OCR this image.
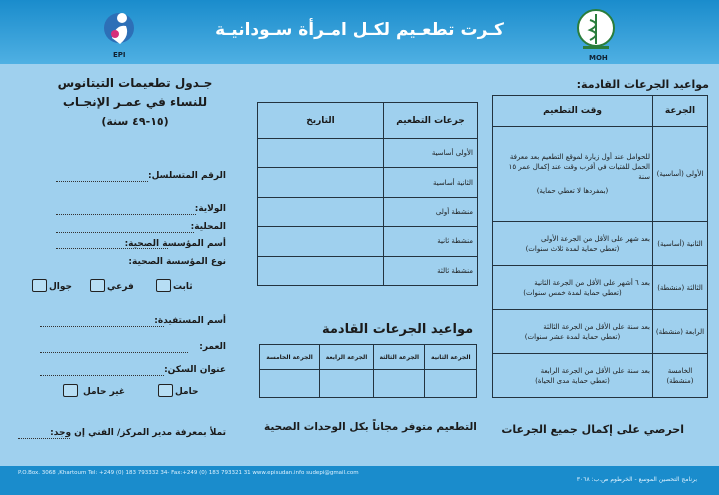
كـرت تطعـيم لكـل امـرأة سـودانيـة
EPI	MOH
مواعيد الجرعات القادمة:
الجرعة	وقت التطعيم
الأولى (أساسية)	للحوامل عند أول زيارة لموقع التطعيم بعد معرفة الحمل للفتيات في أقرب وقت عند إكمال عمر ١٥ سنة
(بمفردها لا تعطي حماية)

الثانية (أساسية)	بعد شهر على الأقل من الجرعة الأولى
(تعطي حماية لمدة ثلاث سنوات)

الثالثة (منشطة)	بعد ٦ أشهر على الأقل من الجرعة الثانية
(تعطي حماية لمدة خمس سنوات)

الرابعة (منشطة)	بعد سنة على الأقل من الجرعة الثالثة
(تعطي حماية لمدة عشر سنوات)

الخامسة (منشطة)	بعد سنة على الأقل من الجرعة الرابعة
(تعطي حماية مدى الحياة)
احرصي على إكمال جميع الجرعات
جرعات التطعيم	التاريخ
الأولى أساسية	
الثانية أساسية	
منشطة أولى	
منشطة ثانية	
منشطة ثالثة	
مواعيد الجرعات القادمة
الجرعة الثانية	الجرعة الثالثة	الجرعة الرابعة	الجرعة الخامسة

التطعيم متوفر مجاناً بكل الوحدات الصحية
جـدول تطعيمات التيتانوس
للنساء في عمـر الإنجـاب
(١٥-٤٩ سنة)
الرقم المتسلسل:
الولاية:
المحلية:
أسم المؤسسة الصحية:
نوع المؤسسة الصحية:
ثابت
فرعي
جوال
أسم المستفيدة:
العمر:
عنوان السكن:
حامل
غير حامل
تملأ بمعرفة مدير المركز/ الفني إن وجد:
P.O.Box. 3068 ,Khartoum Tel: +249 (0) 183 793332 34- Fax:+249 (0) 183 793321 31 www.episudan.info sudepi@gmail.com
برنامج التحصين الموسع - الخرطوم ص.ب: ٣٠٦٨
